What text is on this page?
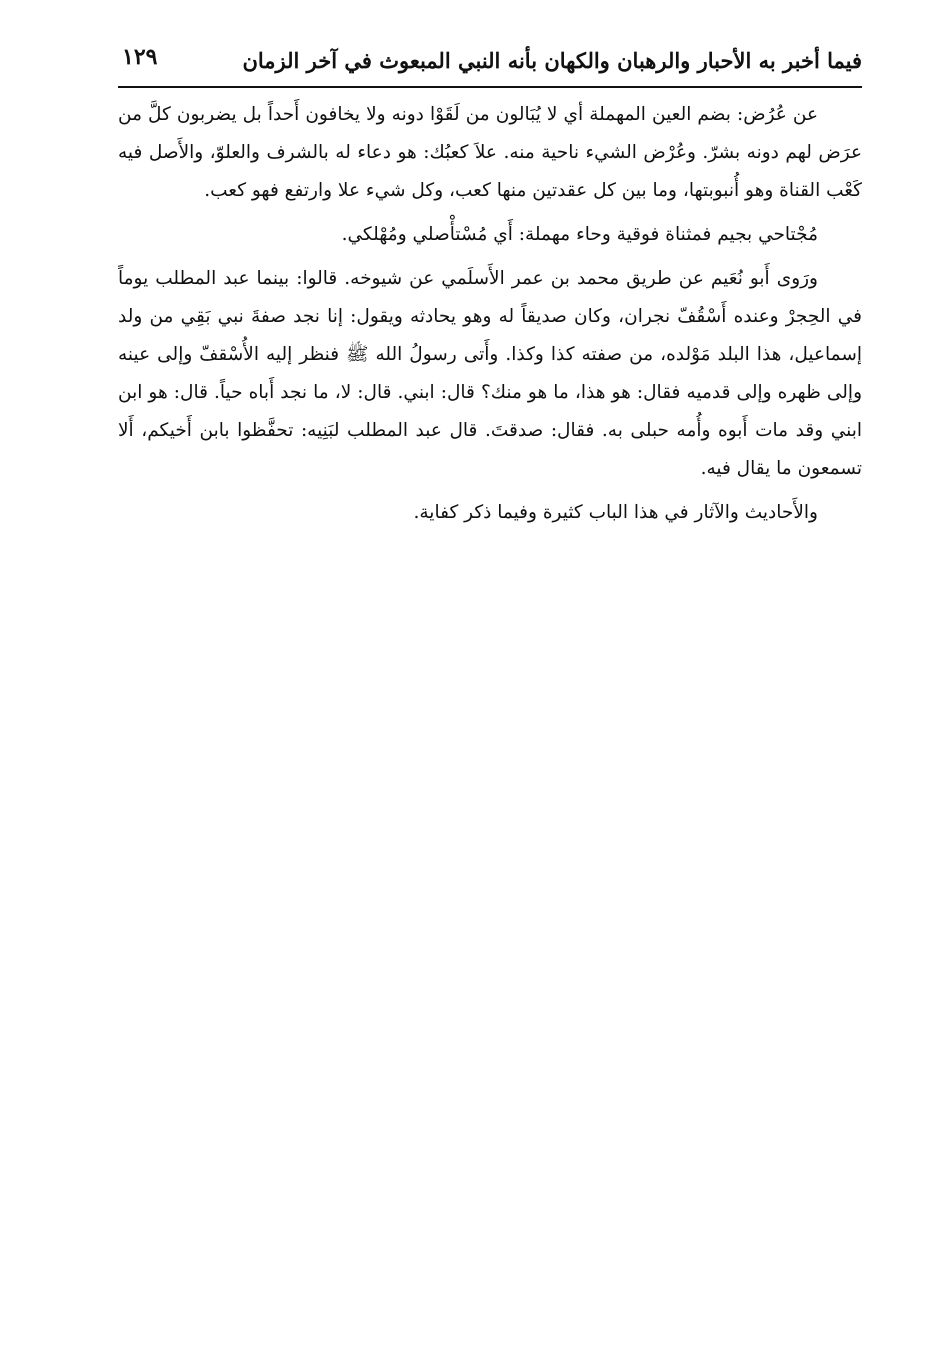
فيما أخبر به الأحبار والرهبان والكهان بأنه النبي المبعوث في آخر الزمان
١٢٩

عن عُرُض: بضم العين المهملة أي لا يُبَالون من لَقَوْا دونه ولا يخافون أَحداً بل يضربون كلَّ من عرَض لهم دونه بشرّ. وعُرْض الشيء ناحية منه. علاَ كعبُك: هو دعاء له بالشرف والعلوّ، والأَصل فيه كَعْب القناة وهو أُنبوبتها، وما بين كل عقدتين منها كعب، وكل شيء علا وارتفع فهو كعب.

مُجْتاحي بجيم فمثناة فوقية وحاء مهملة: أَي مُسْتأْصلي ومُهْلكي.

ورَوى أَبو نُعَيم عن طريق محمد بن عمر الأَسلَمي عن شيوخه. قالوا: بينما عبد المطلب يوماً في الحِجرْ وعنده أَسْقُفّ نجران، وكان صديقاً له وهو يحادثه ويقول: إنا نجد صفةَ نبي بَقِي من ولد إسماعيل، هذا البلد مَوْلده، من صفته كذا وكذا. وأَتى رسولُ الله ﷺ فنظر إليه الأُسْقفّ وإلى عينه وإلى ظهره وإلى قدميه فقال: هو هذا، ما هو منك؟ قال: ابني. قال: لا، ما نجد أَباه حياً. قال: هو ابن ابني وقد مات أَبوه وأُمه حبلى به. فقال: صدقتَ. قال عبد المطلب لبَنِيه: تحفَّظوا بابن أَخيكم، أَلا تسمعون ما يقال فيه.

والأَحاديث والآثار في هذا الباب كثيرة وفيما ذكر كفاية.
